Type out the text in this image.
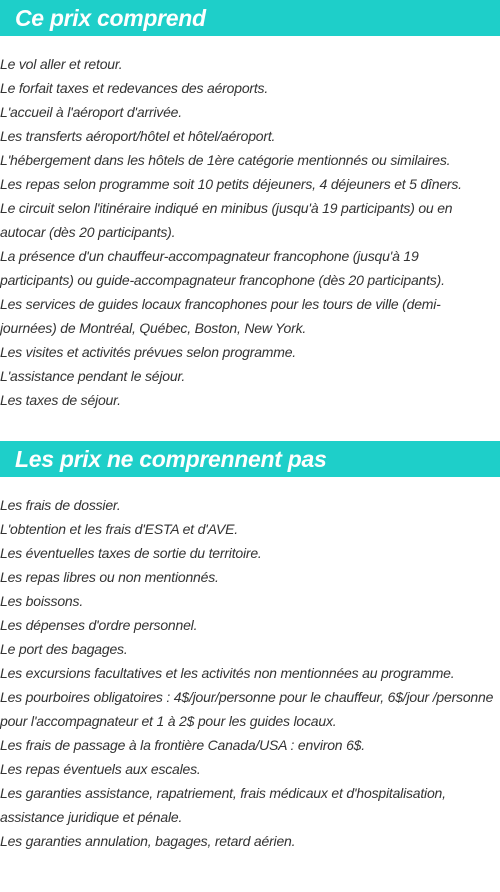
Ce prix comprend
Le vol aller et retour.
Le forfait taxes et redevances des aéroports.
L'accueil à l'aéroport d'arrivée.
Les transferts aéroport/hôtel et hôtel/aéroport.
L'hébergement dans les hôtels de 1ère catégorie mentionnés ou similaires.
Les repas selon programme soit 10 petits déjeuners, 4 déjeuners et 5 dîners.
Le circuit selon l'itinéraire indiqué en minibus (jusqu'à 19 participants) ou en autocar (dès 20 participants).
La présence d'un chauffeur-accompagnateur francophone (jusqu'à 19 participants) ou guide-accompagnateur francophone (dès 20 participants).
Les services de guides locaux francophones pour les tours de ville (demi-journées) de Montréal, Québec, Boston, New York.
Les visites et activités prévues selon programme.
L'assistance pendant le séjour.
Les taxes de séjour.
Les prix ne comprennent pas
Les frais de dossier.
L'obtention et les frais d'ESTA et d'AVE.
Les éventuelles taxes de sortie du territoire.
Les repas libres ou non mentionnés.
Les boissons.
Les dépenses d'ordre personnel.
Le port des bagages.
Les excursions facultatives et les activités non mentionnées au programme.
Les pourboires obligatoires : 4$/jour/personne pour le chauffeur, 6$/jour /personne pour l'accompagnateur et 1 à 2$ pour les guides locaux.
Les frais de passage à la frontière Canada/USA : environ 6$.
Les repas éventuels aux escales.
Les garanties assistance, rapatriement, frais médicaux et d'hospitalisation, assistance juridique et pénale.
Les garanties annulation, bagages, retard aérien.
